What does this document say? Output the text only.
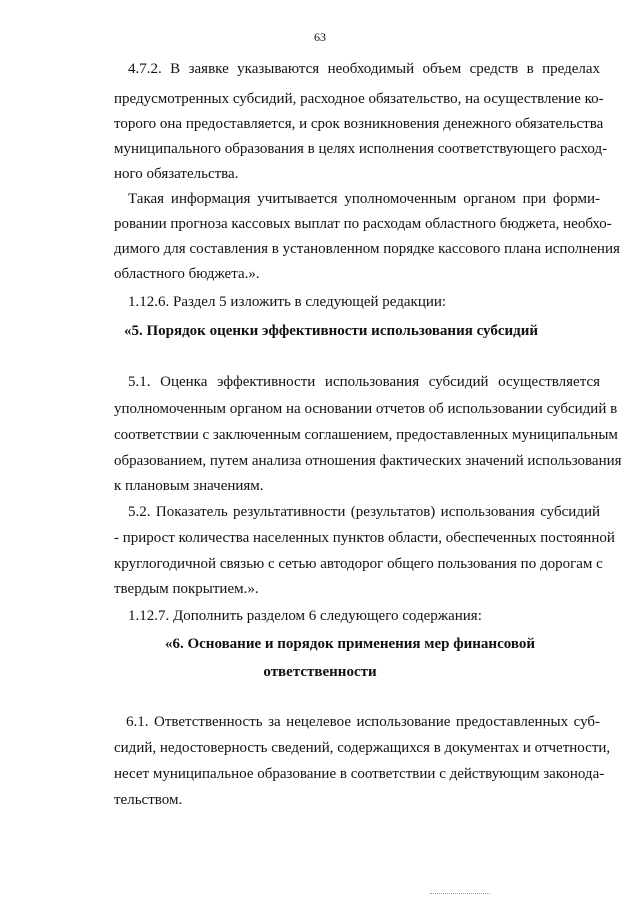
63
4.7.2. В заявке указываются необходимый объем средств в пределах
предусмотренных субсидий, расходное обязательство, на осуществление ко-
торого она предоставляется, и срок возникновения денежного обязательства
муниципального образования в целях исполнения соответствующего расход-
ного обязательства.
Такая информация учитывается уполномоченным органом при форми-
ровании прогноза кассовых выплат по расходам областного бюджета, необхо-
димого для составления в установленном порядке кассового плана исполнения
областного бюджета.».
1.12.6. Раздел 5 изложить в следующей редакции:
«5. Порядок оценки эффективности использования субсидий
5.1. Оценка эффективности использования субсидий осуществляется
уполномоченным органом на основании отчетов об использовании субсидий в
соответствии с заключенным соглашением, предоставленных муниципальным
образованием, путем анализа отношения фактических значений использования
к плановым значениям.
5.2. Показатель результативности (результатов) использования субсидий
- прирост количества населенных пунктов области, обеспеченных постоянной
круглогодичной связью с сетью автодорог общего пользования по дорогам с
твердым покрытием.».
1.12.7. Дополнить разделом 6 следующего содержания:
«6. Основание и порядок применения мер финансовой
ответственности
6.1. Ответственность за нецелевое использование предоставленных суб-
сидий, недостоверность сведений, содержащихся в документах и отчетности,
несет муниципальное образование в соответствии с действующим законода-
тельством.
